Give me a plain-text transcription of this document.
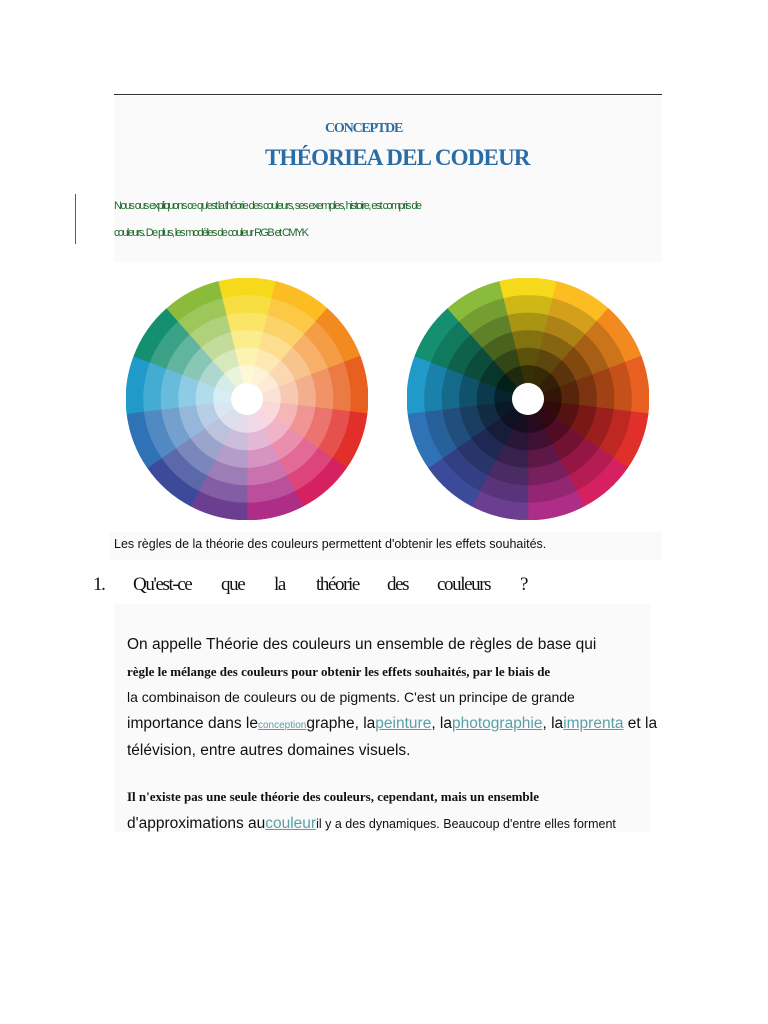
CONCEPTDE
THÉORIEA DEL CODEUR
Nous ous expliquons ce qu'est la théorie des couleurs, ses exemples, histoire, est compris de
couleurs. De plus, les modèles de couleur RGB et CMYK
Les règles de la théorie des couleurs permettent d'obtenir les effets souhaités.
1. Qu'est-ce que la théorie des couleurs ?
On appelle Théorie des couleurs un ensemble de règles de base qui
règle le mélange des couleurs pour obtenir les effets souhaités, par le biais de
la combinaison de couleurs ou de pigments. C'est un principe de grande
importance dans leconceptiongraphe, lapeinture, laphotographie, laimprenta et la
télévision, entre autres domaines visuels.
Il n'existe pas une seule théorie des couleurs, cependant, mais un ensemble
d'approximations aucouleuril y a des dynamiques. Beaucoup d'entre elles forment
